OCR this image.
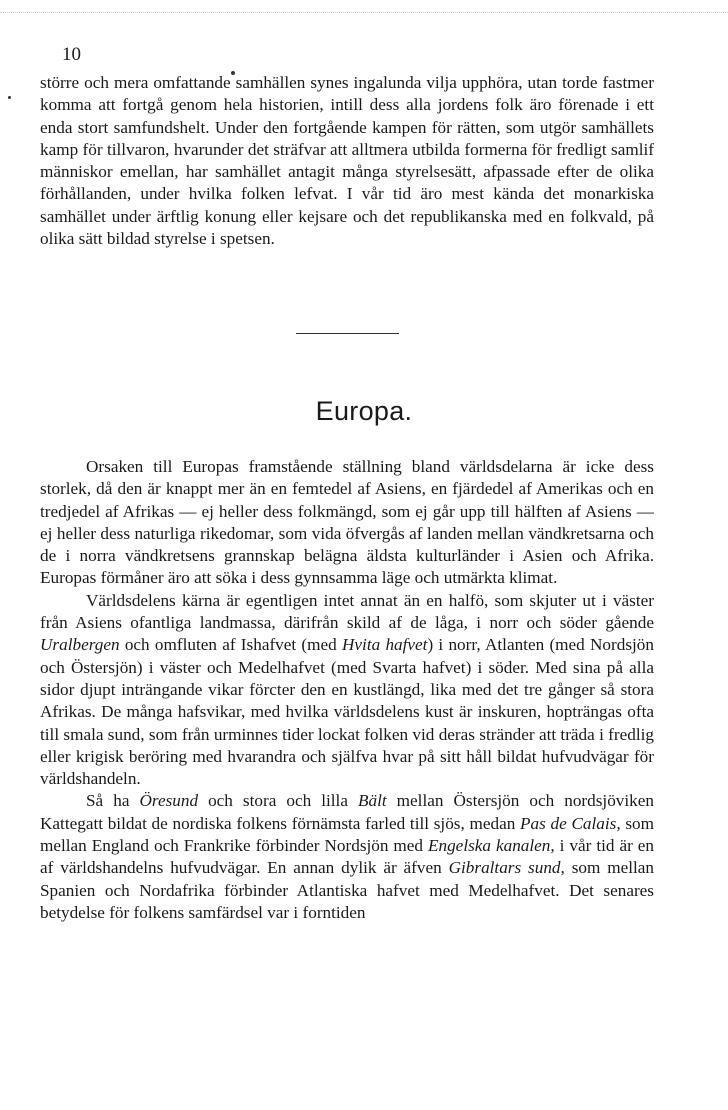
10

större och mera omfattande samhällen synes ingalunda vilja upphöra, utan torde fastmer komma att fortgå genom hela historien, intill dess alla jordens folk äro förenade i ett enda stort samfundshelt. Under den fortgående kampen för rätten, som utgör samhällets kamp för tillvaron, hvarunder det sträfvar att alltmera utbilda formerna för fredligt samlif människor emellan, har samhället antagit många styrelsesätt, afpassade efter de olika förhållanden, under hvilka folken lefvat. I vår tid äro mest kända det monarkiska samhället under ärftlig konung eller kejsare och det republikanska med en folkvald, på olika sätt bildad styrelse i spetsen.

Europa.

Orsaken till Europas framstående ställning bland världsdelarna är icke dess storlek, då den är knappt mer än en femtedel af Asiens, en fjärdedel af Amerikas och en tredjedel af Afrikas — ej heller dess folkmängd, som ej går upp till hälften af Asiens — ej heller dess naturliga rikedomar, som vida öfvergås af landen mellan vändkretsarna och de i norra vändkretsens grannskap belägna äldsta kulturländer i Asien och Afrika. Europas förmåner äro att söka i dess gynnsamma läge och utmärkta klimat.

Världsdelens kärna är egentligen intet annat än en halfö, som skjuter ut i väster från Asiens ofantliga landmassa, därifrån skild af de låga, i norr och söder gående Uralbergen och omfluten af Ishafvet (med Hvita hafvet) i norr, Atlanten (med Nordsjön och Östersjön) i väster och Medelhafvet (med Svarta hafvet) i söder. Med sina på alla sidor djupt inträngande vikar förcter den en kustlängd, lika med det tre gånger så stora Afrikas. De många hafsvikar, med hvilka världsdelens kust är inskuren, hopträngas ofta till smala sund, som från urminnes tider lockat folken vid deras stränder att träda i fredlig eller krigisk beröring med hvarandra och själfva hvar på sitt håll bildat hufvudvägar för världshandeln.

Så ha Öresund och stora och lilla Bält mellan Östersjön och nordsjöviken Kattegatt bildat de nordiska folkens förnämsta farled till sjös, medan Pas de Calais, som mellan England och Frankrike förbinder Nordsjön med Engelska kanalen, i vår tid är en af världshandelns hufvudvägar. En annan dylik är äfven Gibraltars sund, som mellan Spanien och Nordafrika förbinder Atlantiska hafvet med Medelhafvet. Det senares betydelse för folkens samfärdsel var i forntiden
